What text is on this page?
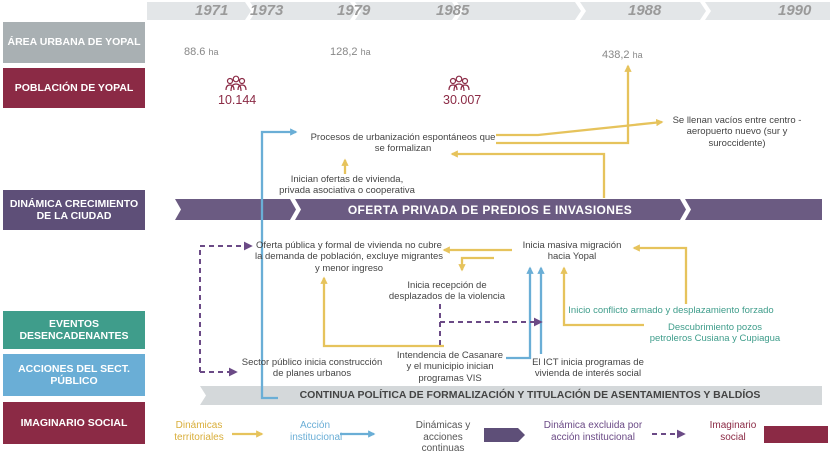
1971 1973	1979	1985	1988	1990
ÁREA URBANA DE YOPAL
POBLACIÓN DE YOPAL
DINÁMICA CRECIMIENTO DE LA CIUDAD
EVENTOS DESENCADENANTES
ACCIONES DEL SECT. PÚBLICO
IMAGINARIO SOCIAL
OFERTA PRIVADA DE PREDIOS E INVASIONES
CONTINUA POLÍTICA DE FORMALIZACIÓN Y TITULACIÓN DE ASENTAMIENTOS Y BALDÍOS
88.6 ha	128,2 ha	438,2 ha
10.144	30.007
Procesos de urbanización espontáneos que se formalizan
Se llenan vacíos entre centro - aeropuerto nuevo (sur y suroccidente)
Inician ofertas de vivienda, privada asociativa o cooperativa
Oferta pública y formal de vivienda no cubre la demanda de población, excluye migrantes y menor ingreso
Inicia masiva migración hacia Yopal
Inicia recepción de desplazados de la violencia
Inicio conflicto armado y desplazamiento forzado
Descubrimiento pozos petroleros Cusiana y Cupiagua
Sector público inicia construcción de planes urbanos
Intendencia de Casanare y el municipio inician programas VIS
El ICT inicia programas de vivienda de interés social
Dinámicas territoriales
Acción institucional
Dinámicas y acciones continuas
Dinámica excluida por acción institucional
Imaginario social
